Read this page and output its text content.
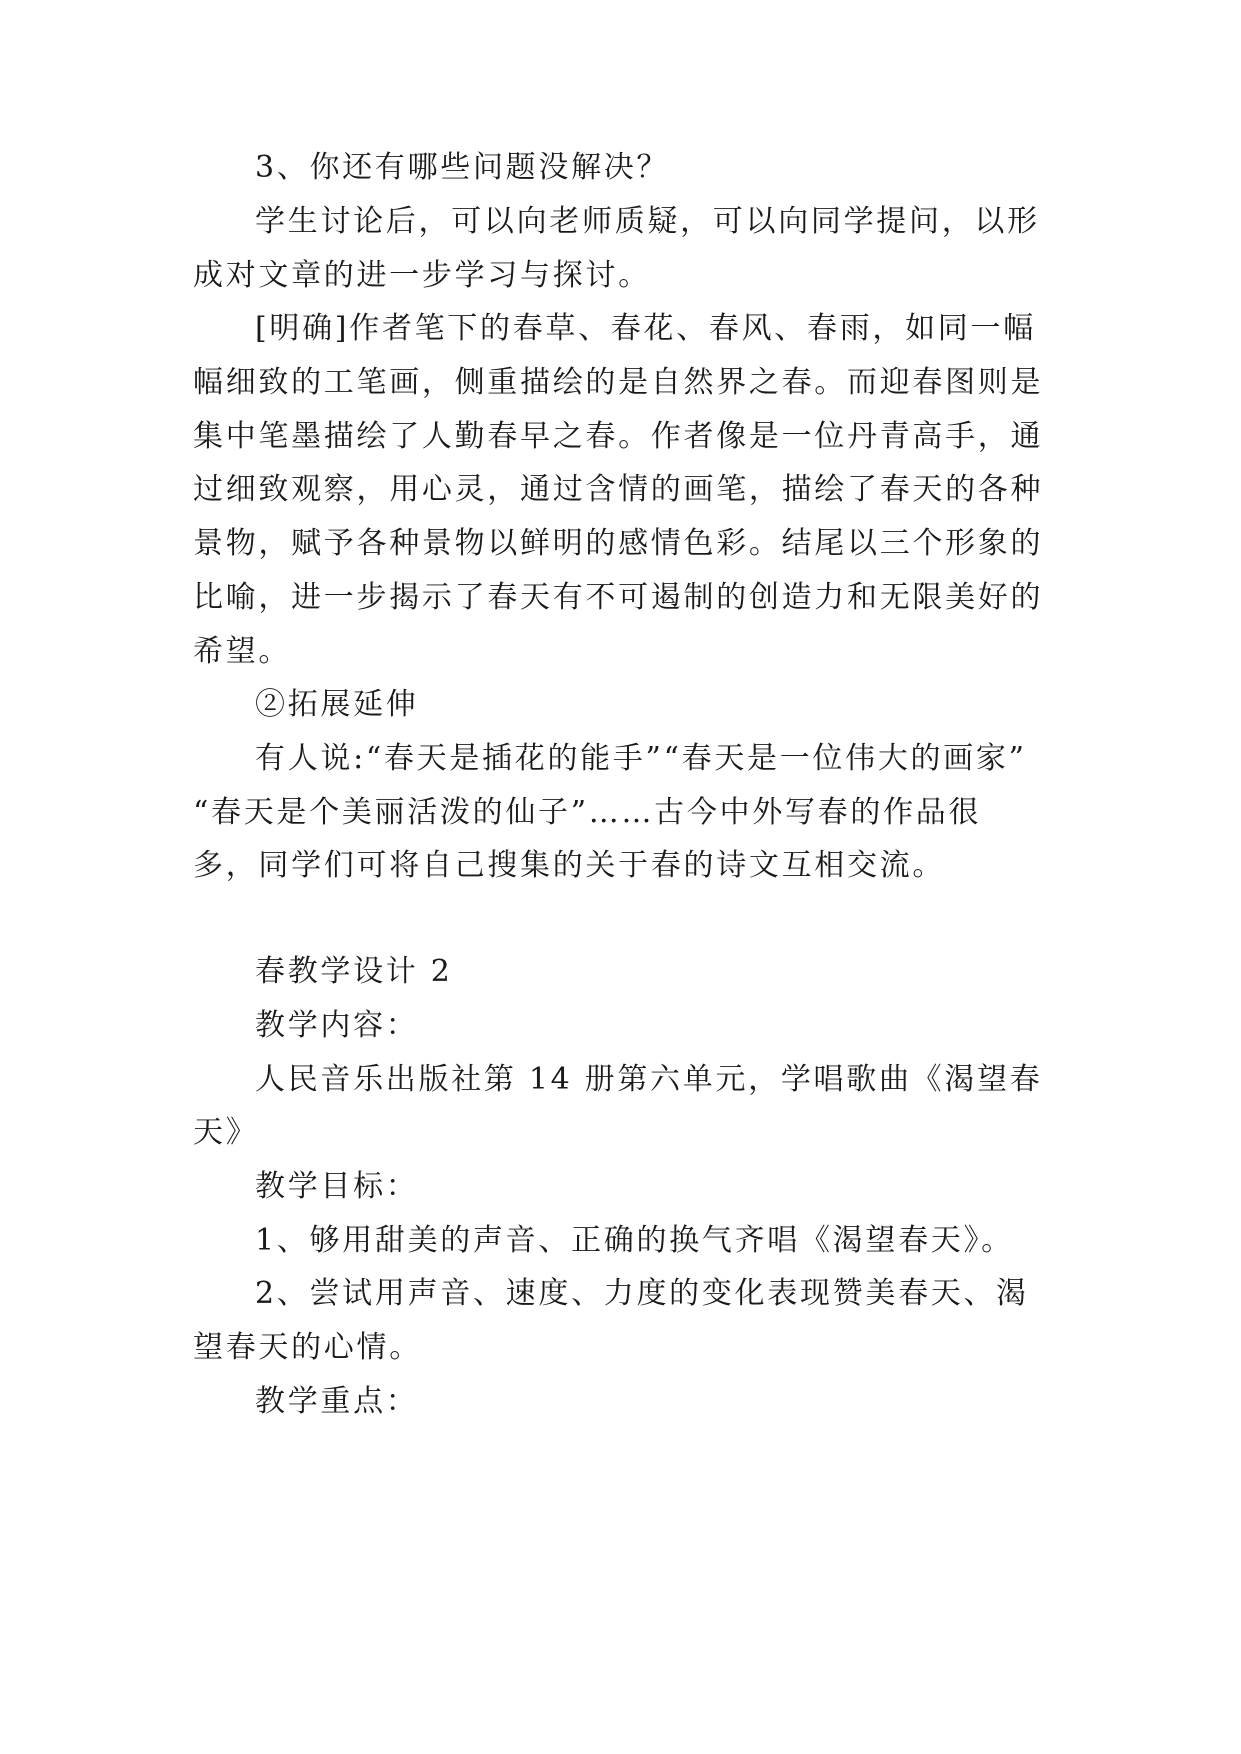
3、你还有哪些问题没解决？
学生讨论后，可以向老师质疑，可以向同学提问，以形
成对文章的进一步学习与探讨。
[明确]作者笔下的春草、春花、春风、春雨，如同一幅
幅细致的工笔画，侧重描绘的是自然界之春。而迎春图则是
集中笔墨描绘了人勤春早之春。作者像是一位丹青高手，通
过细致观察，用心灵，通过含情的画笔，描绘了春天的各种
景物，赋予各种景物以鲜明的感情色彩。结尾以三个形象的
比喻，进一步揭示了春天有不可遏制的创造力和无限美好的
希望。
②拓展延伸
有人说:“春天是插花的能手”“春天是一位伟大的画家”
“春天是个美丽活泼的仙子”……古今中外写春的作品很
多，同学们可将自己搜集的关于春的诗文互相交流。
春教学设计 2
教学内容：
人民音乐出版社第 14 册第六单元，学唱歌曲《渴望春
天》
教学目标：
1、够用甜美的声音、正确的换气齐唱《渴望春天》。
2、尝试用声音、速度、力度的变化表现赞美春天、渴
望春天的心情。
教学重点：
